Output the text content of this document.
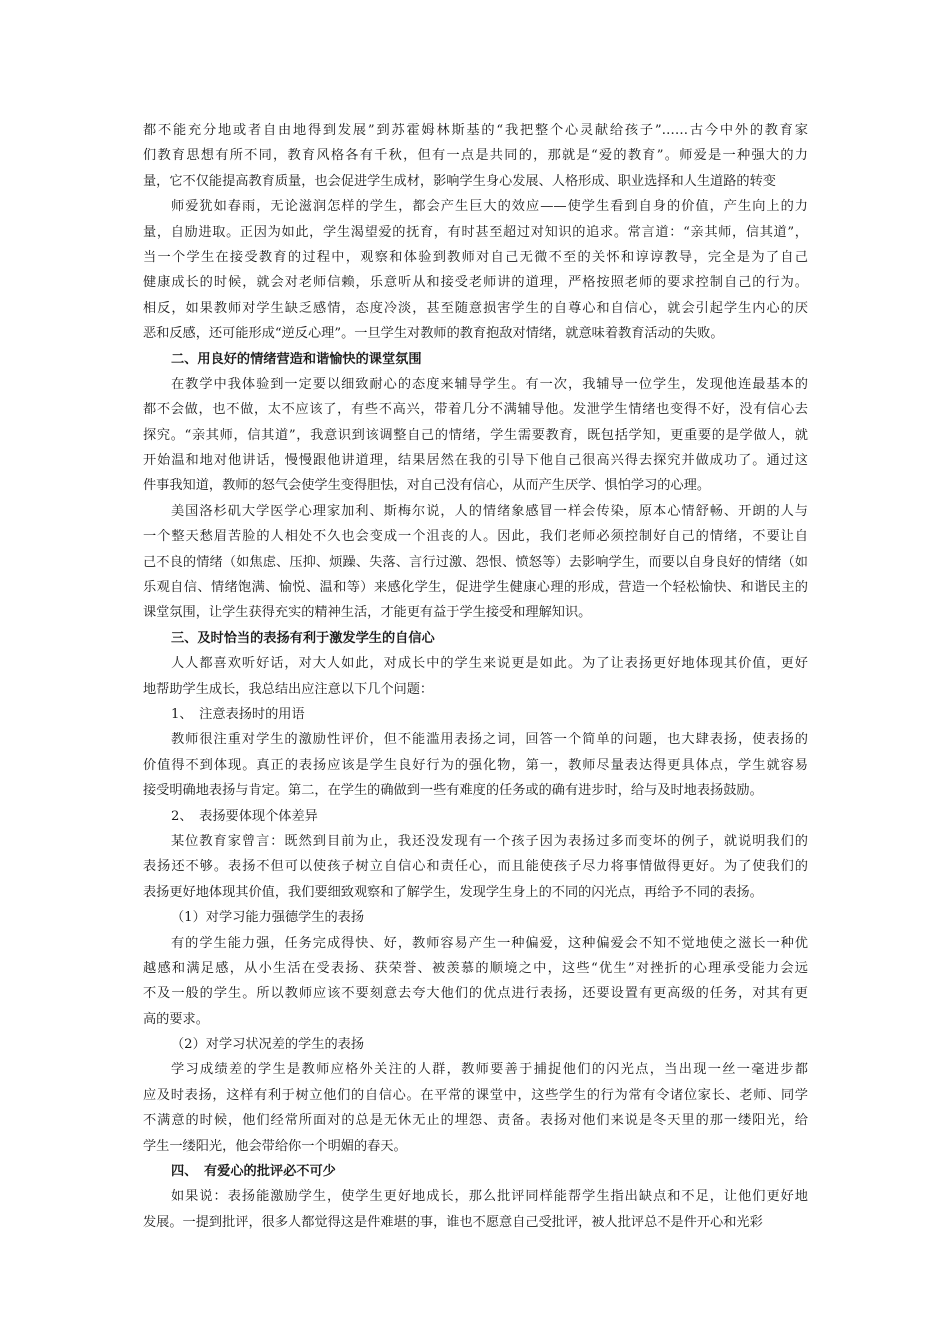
都不能充分地或者自由地得到发展”到苏霍姆林斯基的“我把整个心灵献给孩子”……古今中外的教育家
们教育思想有所不同，教育风格各有千秋，但有一点是共同的，那就是“爱的教育”。师爱是一种强大的力
量，它不仅能提高教育质量，也会促进学生成材，影响学生身心发展、人格形成、职业选择和人生道路的转变
师爱犹如春雨，无论滋润怎样的学生，都会产生巨大的效应——使学生看到自身的价值，产生向上的力
量，自励进取。正因为如此，学生渴望爱的抚育，有时甚至超过对知识的追求。常言道：“亲其师，信其道”，
当一个学生在接受教育的过程中，观察和体验到教师对自己无微不至的关怀和谆谆教导，完全是为了自己
健康成长的时候，就会对老师信赖，乐意听从和接受老师讲的道理，严格按照老师的要求控制自己的行为。
相反，如果教师对学生缺乏感情，态度冷淡，甚至随意损害学生的自尊心和自信心，就会引起学生内心的厌
恶和反感，还可能形成“逆反心理”。一旦学生对教师的教育抱敌对情绪，就意味着教育活动的失败。
二、用良好的情绪营造和谐愉快的课堂氛围
在教学中我体验到一定要以细致耐心的态度来辅导学生。有一次，我辅导一位学生，发现他连最基本的
都不会做，也不做，太不应该了，有些不高兴，带着几分不满辅导他。发泄学生情绪也变得不好，没有信心去
探究。“亲其师，信其道”，我意识到该调整自己的情绪，学生需要教育，既包括学知，更重要的是学做人，就
开始温和地对他讲话，慢慢跟他讲道理，结果居然在我的引导下他自己很高兴得去探究并做成功了。通过这
件事我知道，教师的怒气会使学生变得胆怯，对自己没有信心，从而产生厌学、惧怕学习的心理。
美国洛杉矶大学医学心理家加利、斯梅尔说，人的情绪象感冒一样会传染，原本心情舒畅、开朗的人与
一个整天愁眉苦脸的人相处不久也会变成一个沮丧的人。因此，我们老师必须控制好自己的情绪，不要让自
己不良的情绪（如焦虑、压抑、烦躁、失落、言行过激、怨恨、愤怒等）去影响学生，而要以自身良好的情绪（如
乐观自信、情绪饱满、愉悦、温和等）来感化学生，促进学生健康心理的形成，营造一个轻松愉快、和谐民主的
课堂氛围，让学生获得充实的精神生活，才能更有益于学生接受和理解知识。
三、及时恰当的表扬有利于激发学生的自信心
人人都喜欢听好话，对大人如此，对成长中的学生来说更是如此。为了让表扬更好地体现其价值，更好
地帮助学生成长，我总结出应注意以下几个问题：
1、　注意表扬时的用语
教师很注重对学生的激励性评价，但不能滥用表扬之词，回答一个简单的问题，也大肆表扬，使表扬的
价值得不到体现。真正的表扬应该是学生良好行为的强化物，第一，教师尽量表达得更具体点，学生就容易
接受明确地表扬与肯定。第二，在学生的确做到一些有难度的任务或的确有进步时，给与及时地表扬鼓励。
2、　表扬要体现个体差异
某位教育家曾言：既然到目前为止，我还没发现有一个孩子因为表扬过多而变坏的例子，就说明我们的
表扬还不够。表扬不但可以使孩子树立自信心和责任心，而且能使孩子尽力将事情做得更好。为了使我们的
表扬更好地体现其价值，我们要细致观察和了解学生，发现学生身上的不同的闪光点，再给予不同的表扬。
（1）对学习能力强德学生的表扬
有的学生能力强，任务完成得快、好，教师容易产生一种偏爱，这种偏爱会不知不觉地使之滋长一种优
越感和满足感，从小生活在受表扬、获荣誉、被羡慕的顺境之中，这些“优生”对挫折的心理承受能力会远
不及一般的学生。所以教师应该不要刻意去夸大他们的优点进行表扬，还要设置有更高级的任务，对其有更
高的要求。
（2）对学习状况差的学生的表扬
学习成绩差的学生是教师应格外关注的人群，教师要善于捕捉他们的闪光点，当出现一丝一毫进步都
应及时表扬，这样有利于树立他们的自信心。在平常的课堂中，这些学生的行为常有令诸位家长、老师、同学
不满意的时候，他们经常所面对的总是无休无止的埋怨、责备。表扬对他们来说是冬天里的那一缕阳光，给
学生一缕阳光，他会带给你一个明媚的春天。
四、　有爱心的批评必不可少
如果说：表扬能激励学生，使学生更好地成长，那么批评同样能帮学生指出缺点和不足，让他们更好地
发展。一提到批评，很多人都觉得这是件难堪的事，谁也不愿意自己受批评，被人批评总不是件开心和光彩
